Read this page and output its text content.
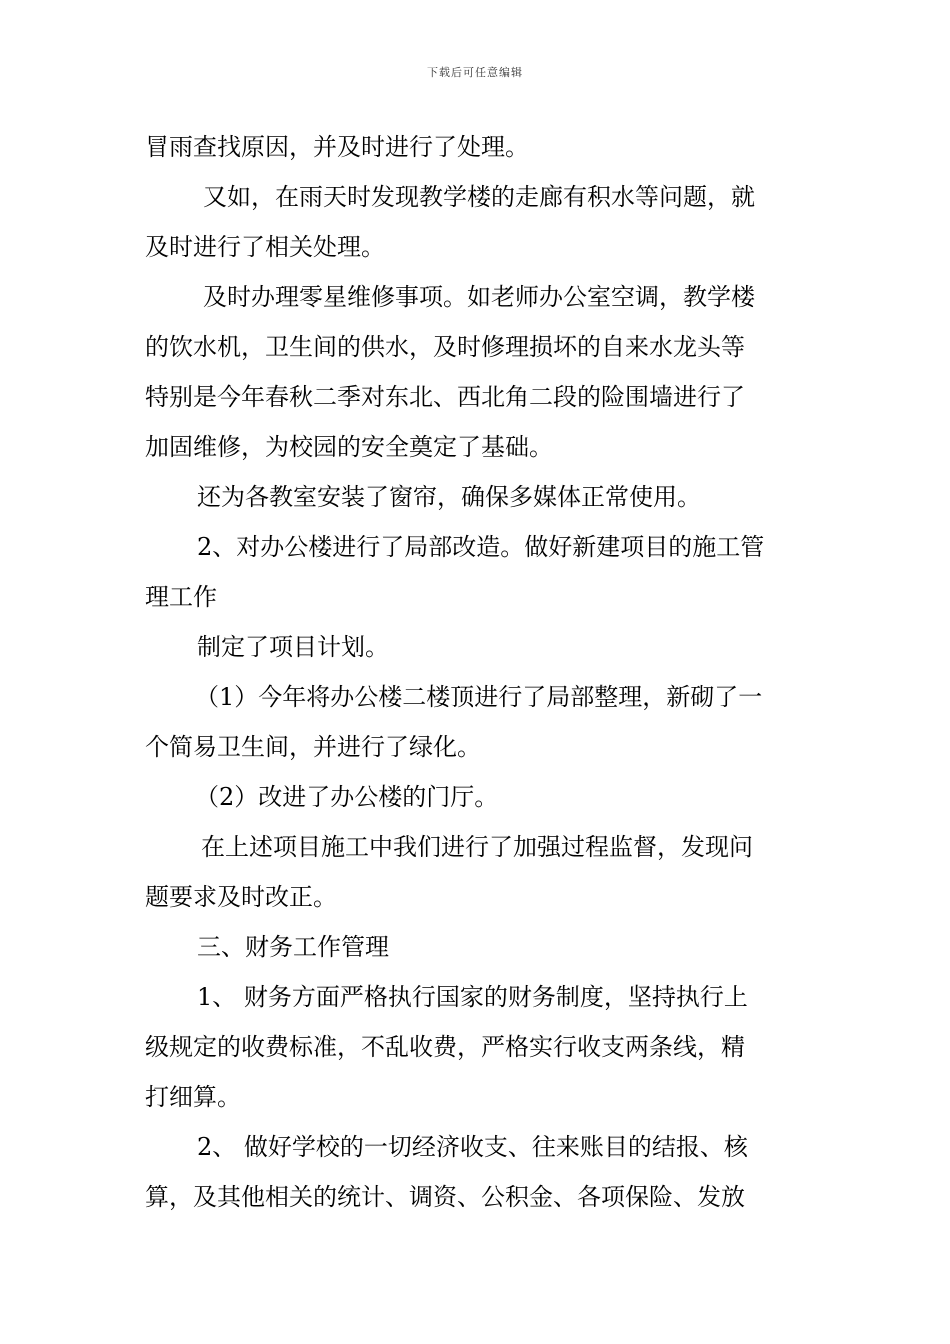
下载后可任意编辑
冒雨查找原因，并及时进行了处理。
又如，在雨天时发现教学楼的走廊有积水等问题，就
及时进行了相关处理。
及时办理零星维修事项。如老师办公室空调，教学楼
的饮水机，卫生间的供水，及时修理损坏的自来水龙头等
特别是今年春秋二季对东北、西北角二段的险围墙进行了
加固维修，为校园的安全奠定了基础。
还为各教室安装了窗帘，确保多媒体正常使用。
2、对办公楼进行了局部改造。做好新建项目的施工管
理工作
制定了项目计划。
（1）今年将办公楼二楼顶进行了局部整理，新砌了一
个简易卫生间，并进行了绿化。
（2）改进了办公楼的门厅。
在上述项目施工中我们进行了加强过程监督，发现问
题要求及时改正。
三、财务工作管理
1、 财务方面严格执行国家的财务制度，坚持执行上
级规定的收费标准，不乱收费，严格实行收支两条线，精
打细算。
2、 做好学校的一切经济收支、往来账目的结报、核
算，及其他相关的统计、调资、公积金、各项保险、发放
